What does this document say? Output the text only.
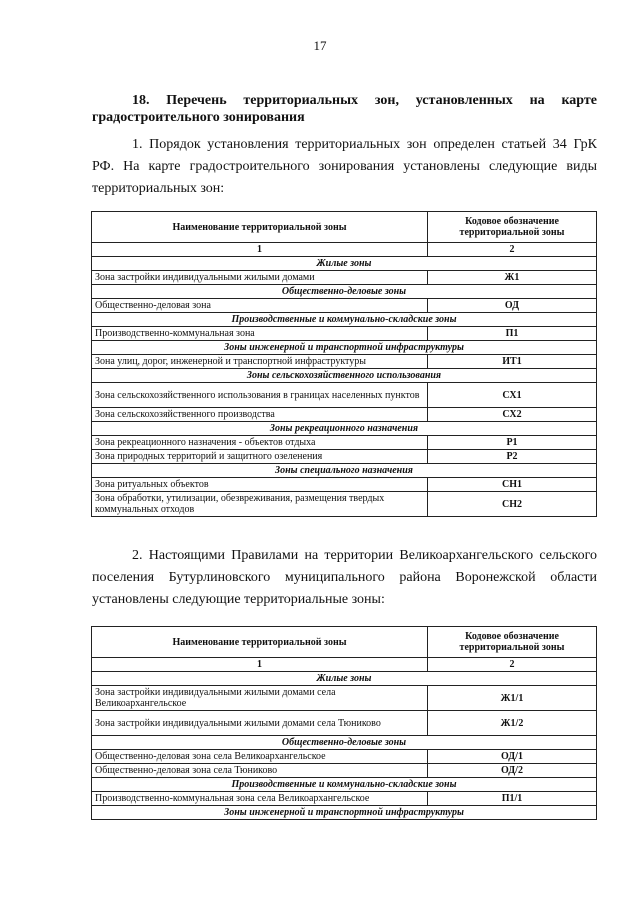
17
18. Перечень территориальных зон, установленных на карте градостроительного зонирования
1. Порядок установления территориальных зон определен статьей 34 ГрК РФ. На карте градостроительного зонирования установлены следующие виды территориальных зон:
Наименование территориальной зоны	Кодовое обозначение территориальной зоны
1	2
Жилые зоны	
Зона застройки индивидуальными жилыми домами	Ж1
Общественно-деловые зоны	
Общественно-деловая зона	ОД
Производственные и коммунально-складские зоны	
Производственно-коммунальная зона	П1
Зоны инженерной и транспортной инфраструктуры	
Зона улиц, дорог, инженерной и транспортной инфраструктуры	ИТ1
Зоны сельскохозяйственного использования	
Зона сельскохозяйственного использования в границах населенных пунктов	СХ1
Зона сельскохозяйственного производства	СХ2
Зоны рекреационного назначения	
Зона рекреационного назначения - объектов отдыха	Р1
Зона природных территорий и защитного озеленения	Р2
Зоны специального назначения	
Зона ритуальных объектов	СН1
Зона обработки, утилизации, обезвреживания, размещения твердых коммунальных отходов	СН2
2. Настоящими Правилами на территории Великоархангельского сельского поселения Бутурлиновского муниципального района Воронежской области установлены следующие территориальные зоны:
Наименование территориальной зоны	Кодовое обозначение территориальной зоны
1	2
Жилые зоны	
Зона застройки индивидуальными жилыми домами села Великоархангельское	Ж1/1
Зона застройки индивидуальными жилыми домами села Тюниково	Ж1/2
Общественно-деловые зоны	
Общественно-деловая зона села Великоархангельское	ОД/1
Общественно-деловая зона села Тюниково	ОД/2
Производственные и коммунально-складские зоны	
Производственно-коммунальная зона села Великоархангельское	П1/1
Зоны инженерной и транспортной инфраструктуры	
